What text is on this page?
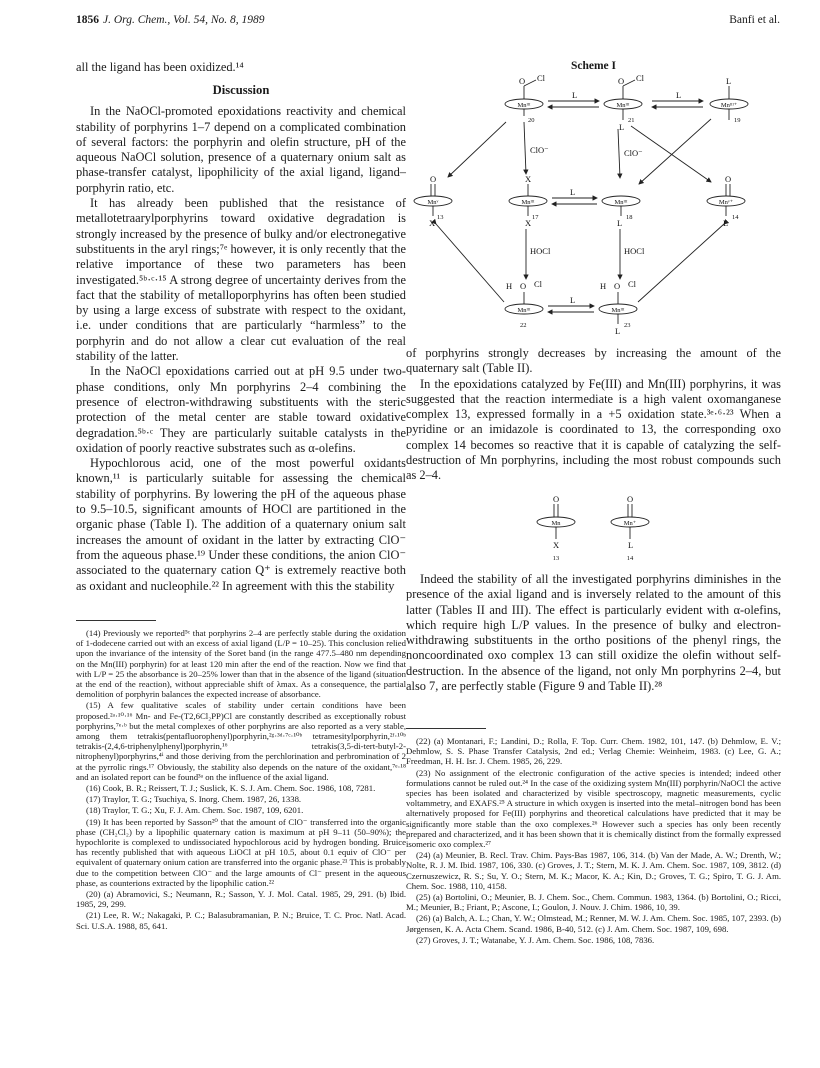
1856 J. Org. Chem., Vol. 54, No. 8, 1989	Banfi et al.

all the ligand has been oxidized.¹⁴

Discussion

In the NaOCl-promoted epoxidations reactivity and chemical stability of porphyrins 1–7 depend on a complicated combination of several factors: the porphyrin and olefin structure, pH of the aqueous NaOCl solution, presence of a quaternary onium salt as phase-transfer catalyst, lipophilicity of the axial ligand, ligand–porphyrin ratio, etc.

It has already been published that the resistance of metallotetraarylporphyrins toward oxidative degradation is strongly increased by the presence of bulky and/or electronegative substituents in the aryl rings;⁷ᵉ however, it is only recently that the relative importance of these two parameters has been investigated.⁵ᵇ·ᶜ·¹⁵ A strong degree of uncertainty derives from the fact that the stability of metalloporphyrins has often been studied by using a large excess of substrate with respect to the oxidant, i.e. under conditions that are particularly “harmless” to the porphyrin and do not allow a clear cut evaluation of the real stability of the latter.

In the NaOCl epoxidations carried out at pH 9.5 under two-phase conditions, only Mn porphyrins 2–4 combining the presence of electron-withdrawing substituents with the steric protection of the metal center are stable toward oxidative degradation.⁵ᵇ·ᶜ They are particularly suitable catalysts in the oxidation of poorly reactive substrates such as α-olefins.

Hypochlorous acid, one of the most powerful oxidants known,¹¹ is particularly suitable for assessing the chemical stability of porphyrins. By lowering the pH of the aqueous phase to 9.5–10.5, significant amounts of HOCl are partitioned in the organic phase (Table I). The addition of a quaternary onium salt increases the amount of oxidant in the latter by extracting ClO⁻ from the aqueous phase.¹⁹ Under these conditions, the anion ClO⁻ associated to the quaternary cation Q⁺ is extremely reactive both as oxidant and nucleophile.²² In agreement with this the stability

(14) Previously we reported⁵ᶜ that porphyrins 2–4 are perfectly stable during the oxidation of 1-dodecene carried out with an excess of axial ligand (L/P = 10–25). This conclusion relied upon the invariance of the intensity of the Soret band (in the range 477.5–480 nm depending on the Mn(III) porphyrin) for at least 120 min after the end of the reaction. Now we find that with L/P = 25 the absorbance is 20–25% lower than that in the absence of the ligand (situation at the end of the reaction), without appreciable shift of λmax. As a consequence, the partial demolition of porphyrin balances the expected increase of absorbance.

(15) A few qualitative scales of stability under certain conditions have been proposed.²ᵃ·¹⁰·¹⁶ Mn- and Fe-(T2,6Cl₂PP)Cl are constantly described as exceptionally robust porphyrins,⁷ᵉ·ᵇ but the metal complexes of other porphyrins are also reported as a very stable, among them tetrakis(pentafluorophenyl)porphyrin,²ᵍ·³ᵈ·⁷ᶜ·¹⁰ᵇ tetramesitylporphyrin,²ᶠ·¹⁰ᵇ tetrakis-(2,4,6-triphenylphenyl)porphyrin,¹⁶ tetrakis(3,5-di-tert-butyl-2-nitrophenyl)porphyrins,⁴ⁱ and those deriving from the perchlorination and perbromination of 2 at the pyrrolic rings.¹⁷ Obviously, the stability also depends on the nature of the oxidant,⁷ᵉ·¹⁸ and an isolated report can be found³ᵃ on the influence of the axial ligand.

(16) Cook, B. R.; Reissert, T. J.; Suslick, K. S. J. Am. Chem. Soc. 1986, 108, 7281.

(17) Traylor, T. G.; Tsuchiya, S. Inorg. Chem. 1987, 26, 1338.

(18) Traylor, T. G.; Xu, F. J. Am. Chem. Soc. 1987, 109, 6201.

(19) It has been reported by Sasson²⁰ that the amount of ClO⁻ transferred into the organic phase (CH₂Cl₂) by a lipophilic quaternary cation is maximum at pH 9–11 (50–90%); the hypochlorite is complexed to undissociated hypochlorous acid by hydrogen bonding. Bruice has recently published that with aqueous LiOCl at pH 10.5, about 0.1 equiv of ClO⁻ per equivalent of quaternary onium cation are transferred into the organic phase.²¹ This is probably due to the competition between ClO⁻ and the large amounts of Cl⁻ present in the aqueous phase, as counterions extracted by the lipophilic cation.²²

(20) (a) Abramovici, S.; Neumann, R.; Sasson, Y. J. Mol. Catal. 1985, 29, 291. (b) Ibid. 1985, 29, 299.

(21) Lee, R. W.; Nakagaki, P. C.; Balasubramanian, P. N.; Bruice, T. C. Proc. Natl. Acad. Sci. U.S.A. 1988, 85, 641.

Scheme I
O Cl	O Cl	L
L	L
L
ClO⁻	ClO⁻
O	O
X
X	L
L
X
L
HOCl	HOCl
H O Cl	H O Cl
L
L
Mnᴵᴵᴵ	Mnᴵᴵᴵ	Mnᴵᴵᴵ⁺
Mnᵛ	Mnᴵᴵᴵ	Mnᴵᴵᴵ	Mnᵛ⁺
Mnᴵᴵᴵ	Mnᴵᴵᴵ
20	21	19
13	17	18	14
22	23

of porphyrins strongly decreases by increasing the amount of the quaternary salt (Table II).

In the epoxidations catalyzed by Fe(III) and Mn(III) porphyrins, it was suggested that the reaction intermediate is a high valent oxomanganese complex 13, expressed formally in a +5 oxidation state.³ᵉ·⁶·²³ When a pyridine or an imidazole is coordinated to 13, the corresponding oxo complex 14 becomes so reactive that it is capable of catalyzing the self-destruction of Mn porphyrins, including the most robust compounds such as 2–4.

O	O
X	L
Mn	Mn⁺
13	14

Indeed the stability of all the investigated porphyrins diminishes in the presence of the axial ligand and is inversely related to the amount of this latter (Tables II and III). The effect is particularly evident with α-olefins, which require high L/P values. In the presence of bulky and electron-withdrawing substituents in the ortho positions of the phenyl rings, the noncoordinated oxo complex 13 can still oxidize the olefin without self-destruction. In the absence of the ligand, not only Mn porphyrins 2–4, but also 7, are perfectly stable (Figure 9 and Table II).²⁸

(22) (a) Montanari, F.; Landini, D.; Rolla, F. Top. Curr. Chem. 1982, 101, 147. (b) Dehmlow, E. V.; Dehmlow, S. S. Phase Transfer Catalysis, 2nd ed.; Verlag Chemie: Weinheim, 1983. (c) Lee, G. A.; Freedman, H. H. Isr. J. Chem. 1985, 26, 229.

(23) No assignment of the electronic configuration of the active species is intended; indeed other formulations cannot be ruled out.²⁴ In the case of the oxidizing system Mn(III) porphyrin/NaOCl the active species has been isolated and characterized by visible spectroscopy, magnetic measurements, cyclic voltammetry, and EXAFS.²⁵ A structure in which oxygen is inserted into the metal–nitrogen bond has been alternatively proposed for Fe(III) porphyrins and theoretical calculations have predicted that it may be significantly more stable than the oxo complexes.²⁶ However such a species has only been recently prepared and characterized, and it has been shown that it is chemically distinct from the formally expressed isomeric oxo complex.²⁷

(24) (a) Meunier, B. Recl. Trav. Chim. Pays-Bas 1987, 106, 314. (b) Van der Made, A. W.; Drenth, W.; Nolte, R. J. M. Ibid. 1987, 106, 330. (c) Groves, J. T.; Stern, M. K. J. Am. Chem. Soc. 1987, 109, 3812. (d) Czernuszewicz, R. S.; Su, Y. O.; Stern, M. K.; Macor, K. A.; Kin, D.; Groves, T. G.; Spiro, T. G. J. Am. Chem. Soc. 1988, 110, 4158.

(25) (a) Bortolini, O.; Meunier, B. J. Chem. Soc., Chem. Commun. 1983, 1364. (b) Bortolini, O.; Ricci, M.; Meunier, B.; Friant, P.; Ascone, I.; Goulon, J. Nouv. J. Chim. 1986, 10, 39.

(26) (a) Balch, A. L.; Chan, Y. W.; Olmstead, M.; Renner, M. W. J. Am. Chem. Soc. 1985, 107, 2393. (b) Jørgensen, K. A. Acta Chem. Scand. 1986, B-40, 512. (c) J. Am. Chem. Soc. 1987, 109, 698.

(27) Groves, J. T.; Watanabe, Y. J. Am. Chem. Soc. 1986, 108, 7836.
